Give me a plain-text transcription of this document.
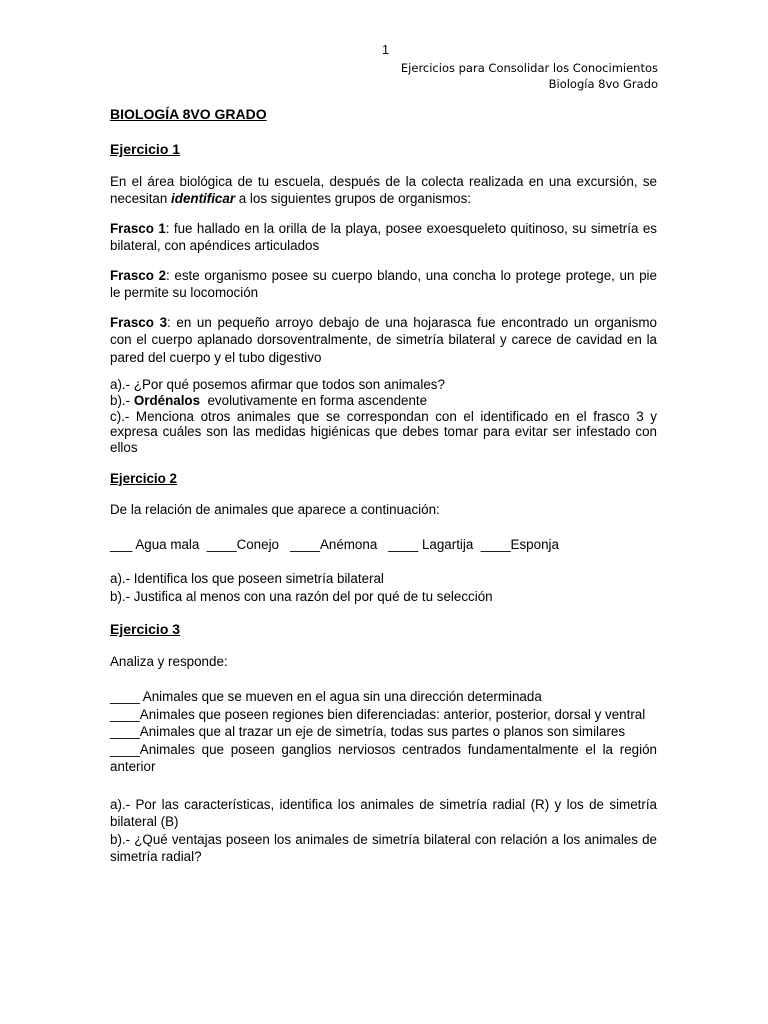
1
Ejercicios para Consolidar los Conocimientos
Biología 8vo Grado
BIOLOGÍA 8VO GRADO
Ejercicio 1

En el área biológica de tu escuela, después de la colecta realizada en una excursión, se necesitan identificar a los siguientes grupos de organismos:

Frasco 1: fue hallado en la orilla de la playa, posee exoesqueleto quitinoso, su simetría es bilateral, con apéndices articulados

Frasco 2: este organismo posee su cuerpo blando, una concha lo protege protege, un pie le permite su locomoción

Frasco 3: en un pequeño arroyo debajo de una hojarasca fue encontrado un organismo con el cuerpo aplanado dorsoventralmente, de simetría bilateral y carece de cavidad en la pared del cuerpo y el tubo digestivo

a).- ¿Por qué posemos afirmar que todos son animales?

b).- Ordénalos  evolutivamente en forma ascendente

c).- Menciona otros animales que se correspondan con el identificado en el frasco 3 y expresa cuáles son las medidas higiénicas que debes tomar para evitar ser infestado con ellos

Ejercicio 2

De la relación de animales que aparece a continuación:

___ Agua mala  ____Conejo   ____Anémona   ____ Lagartija  ____Esponja

a).- Identifica los que poseen simetría bilateral

b).- Justifica al menos con una razón del por qué de tu selección

Ejercicio 3

Analiza y responde:

____ Animales que se mueven en el agua sin una dirección determinada

____Animales que poseen regiones bien diferenciadas: anterior, posterior, dorsal y ventral

____Animales que al trazar un eje de simetría, todas sus partes o planos son similares

____Animales que poseen ganglios nerviosos centrados fundamentalmente el la región anterior

a).- Por las características, identifica los animales de simetría radial (R) y los de simetría bilateral (B)

b).- ¿Qué ventajas poseen los animales de simetría bilateral con relación a los animales de simetría radial?
